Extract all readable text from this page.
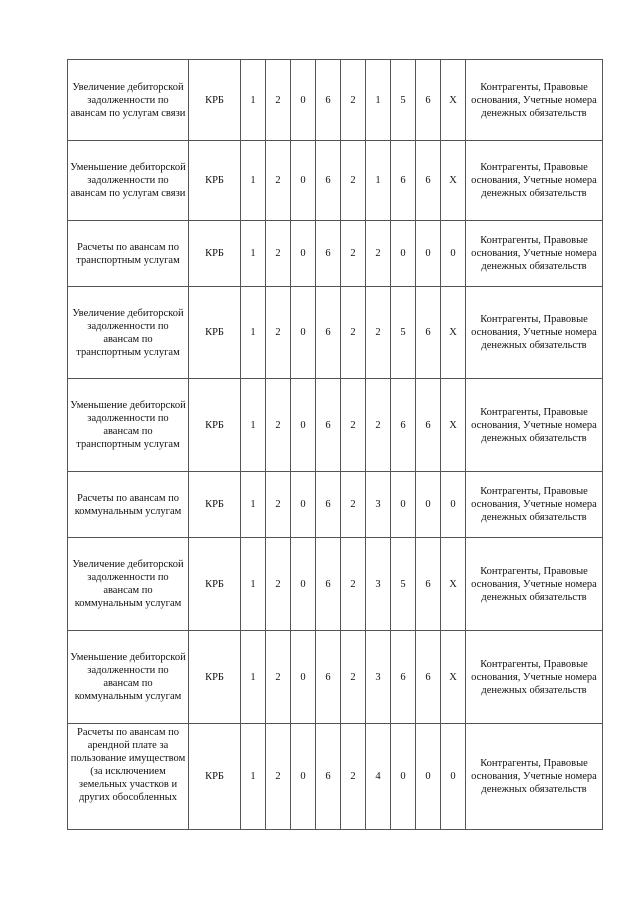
Увеличение дебиторской задолженности по авансам по услугам связи	КРБ	1	2	0	6	2	1	5	6	X	Контрагенты, Правовые основания, Учетные номера денежных обязательств
Уменьшение дебиторской задолженности по авансам по услугам связи	КРБ	1	2	0	6	2	1	6	6	X	Контрагенты, Правовые основания, Учетные номера денежных обязательств
Расчеты по авансам по транспортным услугам	КРБ	1	2	0	6	2	2	0	0	0	Контрагенты, Правовые основания, Учетные номера денежных обязательств
Увеличение дебиторской задолженности по авансам по транспортным услугам	КРБ	1	2	0	6	2	2	5	6	X	Контрагенты, Правовые основания, Учетные номера денежных обязательств
Уменьшение дебиторской задолженности по авансам по транспортным услугам	КРБ	1	2	0	6	2	2	6	6	X	Контрагенты, Правовые основания, Учетные номера денежных обязательств
Расчеты по авансам по коммунальным услугам	КРБ	1	2	0	6	2	3	0	0	0	Контрагенты, Правовые основания, Учетные номера денежных обязательств
Увеличение дебиторской задолженности по авансам по коммунальным услугам	КРБ	1	2	0	6	2	3	5	6	X	Контрагенты, Правовые основания, Учетные номера денежных обязательств
Уменьшение дебиторской задолженности по авансам по коммунальным услугам	КРБ	1	2	0	6	2	3	6	6	X	Контрагенты, Правовые основания, Учетные номера денежных обязательств
Расчеты по авансам по арендной плате за пользование имуществом (за исключением земельных участков и других обособленных	КРБ	1	2	0	6	2	4	0	0	0	Контрагенты, Правовые основания, Учетные номера денежных обязательств
